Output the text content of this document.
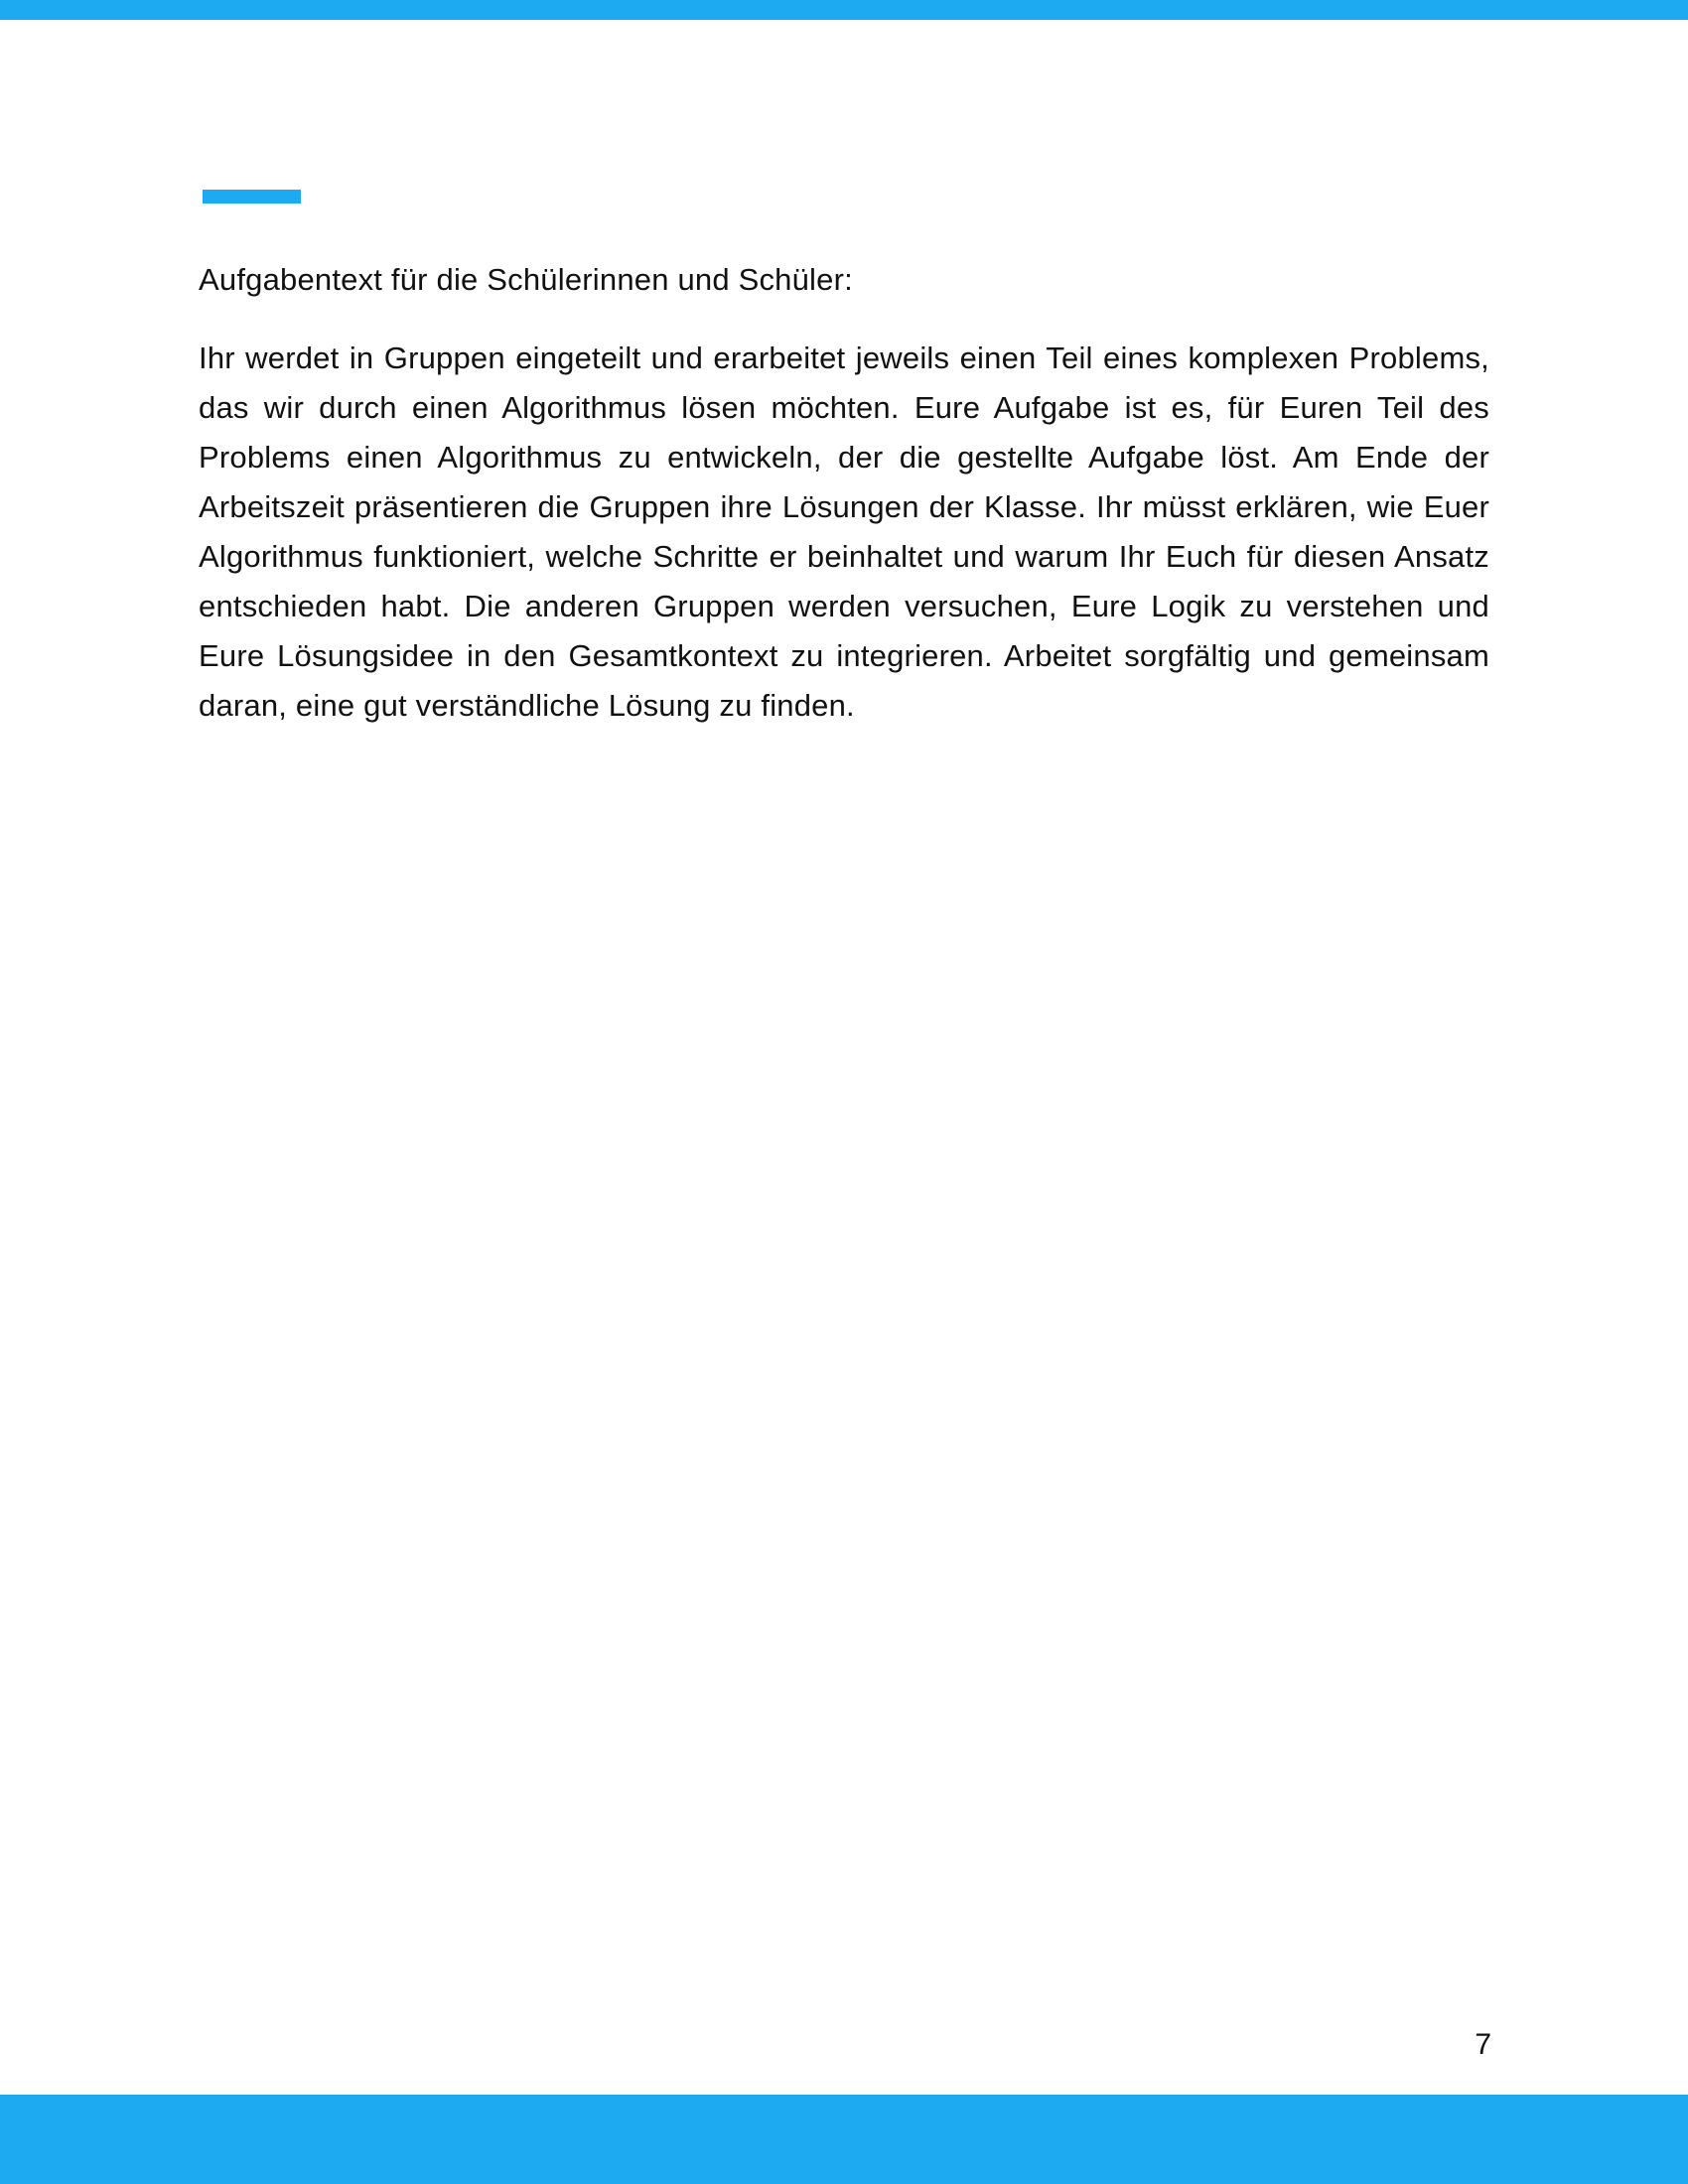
Aufgabentext für die Schülerinnen und Schüler:

Ihr werdet in Gruppen eingeteilt und erarbeitet jeweils einen Teil eines komplexen Problems, das wir durch einen Algorithmus lösen möchten. Eure Aufgabe ist es, für Euren Teil des Problems einen Algorithmus zu entwickeln, der die gestellte Aufgabe löst. Am Ende der Arbeitszeit präsentieren die Gruppen ihre Lösungen der Klasse. Ihr müsst erklären, wie Euer Algorithmus funktioniert, welche Schritte er beinhaltet und warum Ihr Euch für diesen Ansatz entschieden habt. Die anderen Gruppen werden versuchen, Eure Logik zu verstehen und Eure Lösungsidee in den Gesamtkontext zu integrieren. Arbeitet sorgfältig und gemeinsam daran, eine gut verständliche Lösung zu finden.

7
